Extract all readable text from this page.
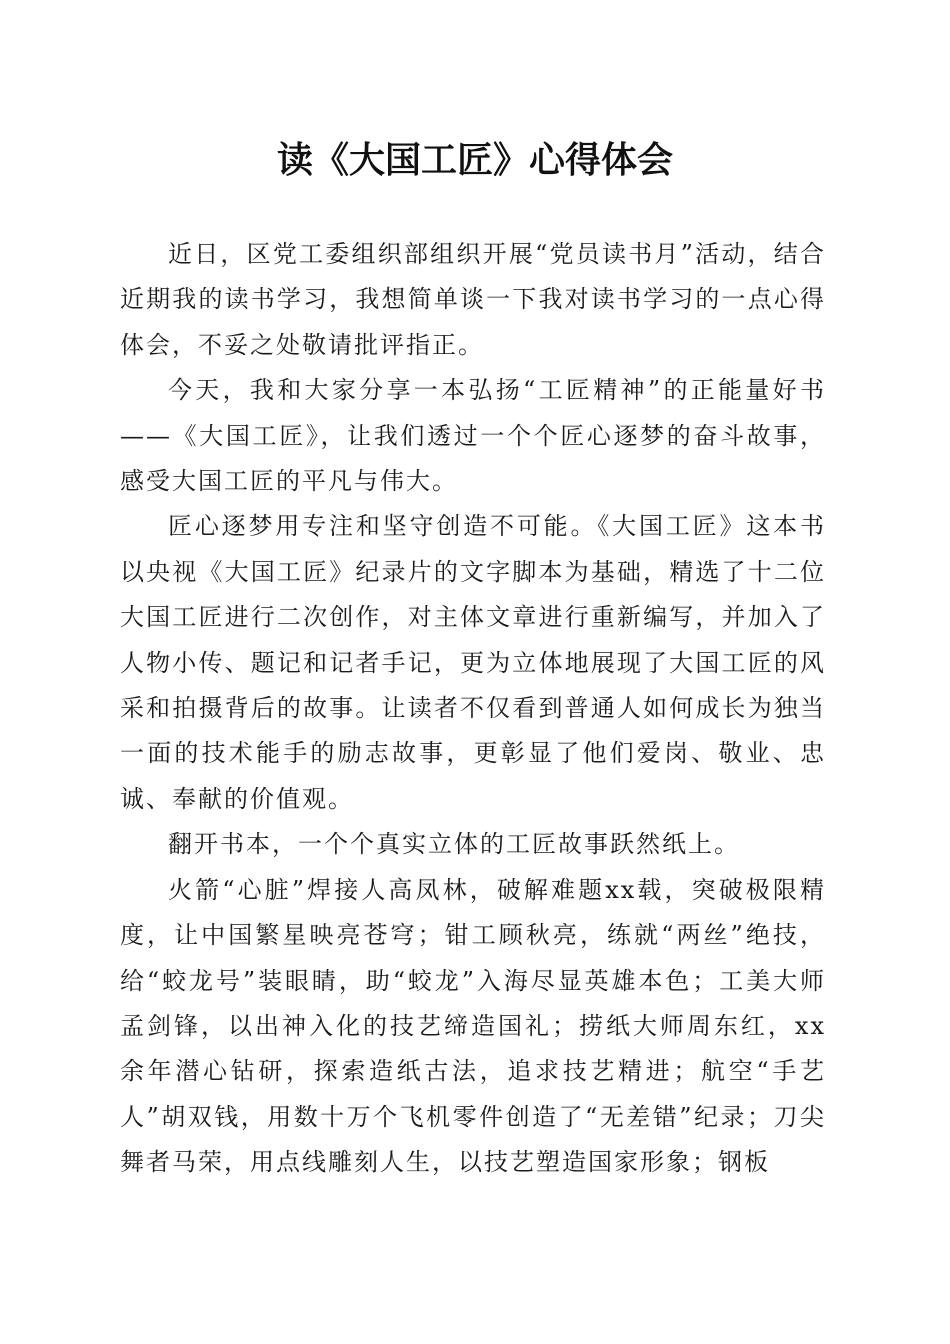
读《大国工匠》心得体会

近日，区党工委组织部组织开展“党员读书月”活动，结合近期我的读书学习，我想简单谈一下我对读书学习的一点心得体会，不妥之处敬请批评指正。

今天，我和大家分享一本弘扬“工匠精神”的正能量好书——《大国工匠》，让我们透过一个个匠心逐梦的奋斗故事，感受大国工匠的平凡与伟大。

匠心逐梦用专注和坚守创造不可能。《大国工匠》这本书以央视《大国工匠》纪录片的文字脚本为基础，精选了十二位大国工匠进行二次创作，对主体文章进行重新编写，并加入了人物小传、题记和记者手记，更为立体地展现了大国工匠的风采和拍摄背后的故事。让读者不仅看到普通人如何成长为独当一面的技术能手的励志故事，更彰显了他们爱岗、敬业、忠诚、奉献的价值观。

翻开书本，一个个真实立体的工匠故事跃然纸上。

火箭“心脏”焊接人高凤林，破解难题xx载，突破极限精度，让中国繁星映亮苍穹；钳工顾秋亮，练就“两丝”绝技，给“蛟龙号”装眼睛，助“蛟龙”入海尽显英雄本色；工美大师孟剑锋，以出神入化的技艺缔造国礼；捞纸大师周东红，xx余年潜心钻研，探索造纸古法，追求技艺精进；航空“手艺人”胡双钱，用数十万个飞机零件创造了“无差错”纪录；刀尖舞者马荣，用点线雕刻人生，以技艺塑造国家形象；钢板
